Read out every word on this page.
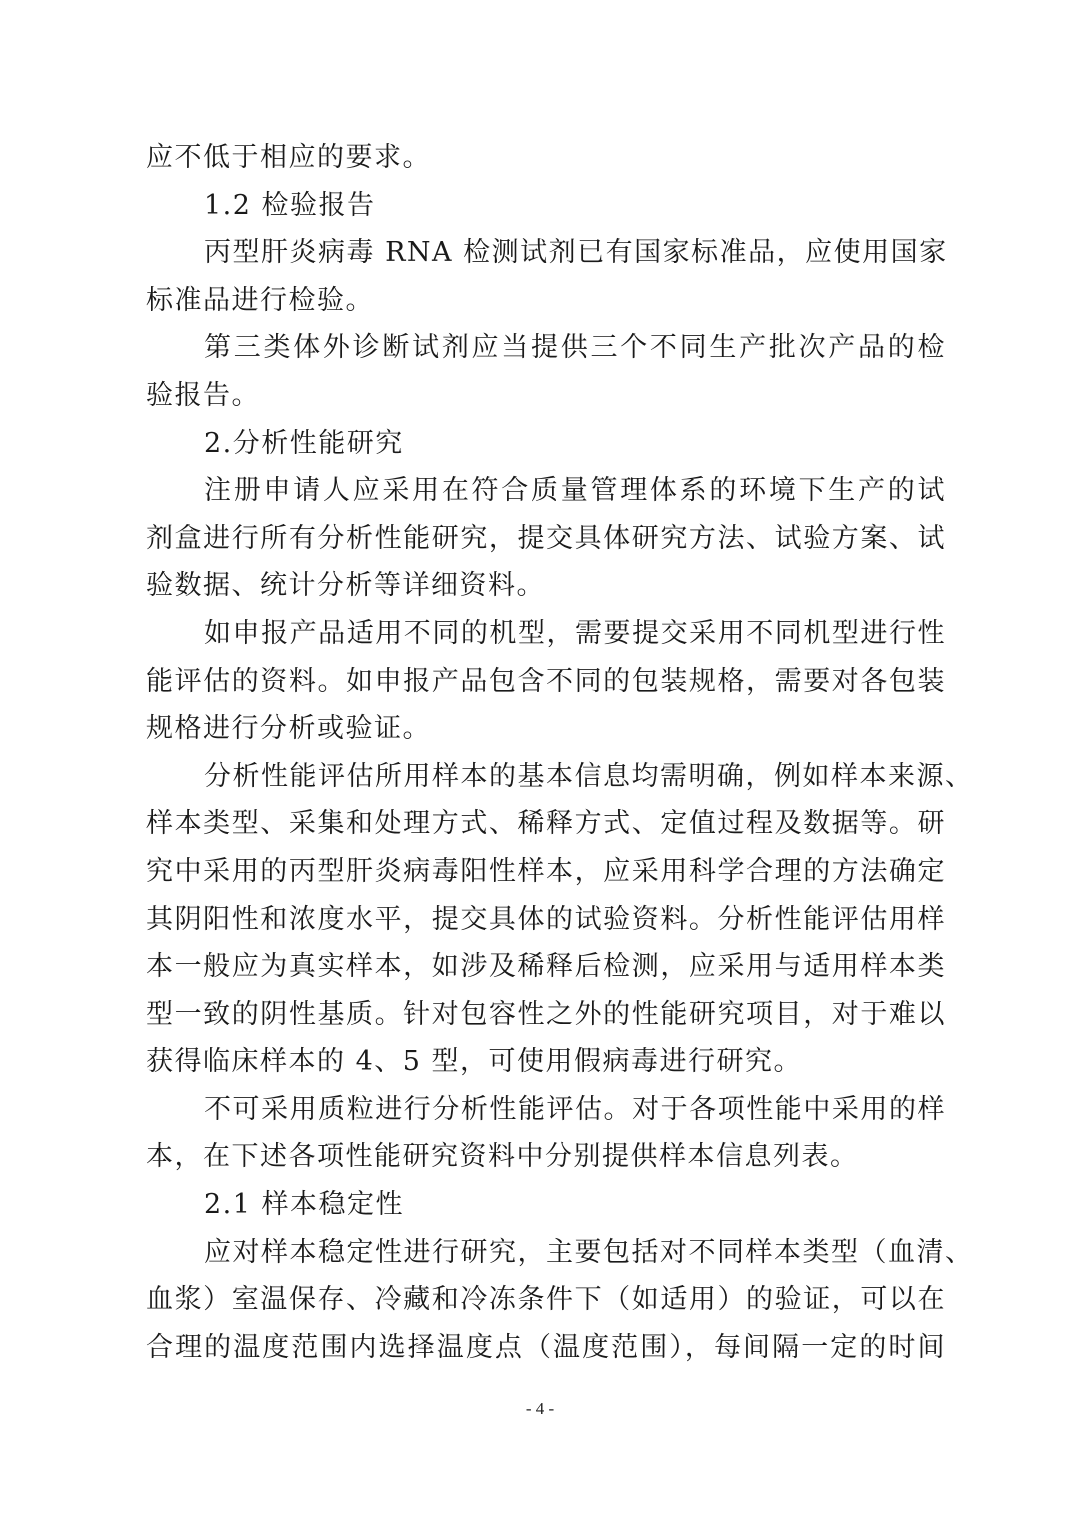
应不低于相应的要求。
1.2 检验报告
丙型肝炎病毒 RNA 检测试剂已有国家标准品，应使用国家
标准品进行检验。
第三类体外诊断试剂应当提供三个不同生产批次产品的检
验报告。
2.分析性能研究
注册申请人应采用在符合质量管理体系的环境下生产的试
剂盒进行所有分析性能研究，提交具体研究方法、试验方案、试
验数据、统计分析等详细资料。
如申报产品适用不同的机型，需要提交采用不同机型进行性
能评估的资料。如申报产品包含不同的包装规格，需要对各包装
规格进行分析或验证。
分析性能评估所用样本的基本信息均需明确，例如样本来源、
样本类型、采集和处理方式、稀释方式、定值过程及数据等。研
究中采用的丙型肝炎病毒阳性样本，应采用科学合理的方法确定
其阴阳性和浓度水平，提交具体的试验资料。分析性能评估用样
本一般应为真实样本，如涉及稀释后检测，应采用与适用样本类
型一致的阴性基质。针对包容性之外的性能研究项目，对于难以
获得临床样本的 4、5 型，可使用假病毒进行研究。
不可采用质粒进行分析性能评估。对于各项性能中采用的样
本，在下述各项性能研究资料中分别提供样本信息列表。
2.1 样本稳定性
应对样本稳定性进行研究，主要包括对不同样本类型（血清、
血浆）室温保存、冷藏和冷冻条件下（如适用）的验证，可以在
合理的温度范围内选择温度点（温度范围），每间隔一定的时间
- 4 -
